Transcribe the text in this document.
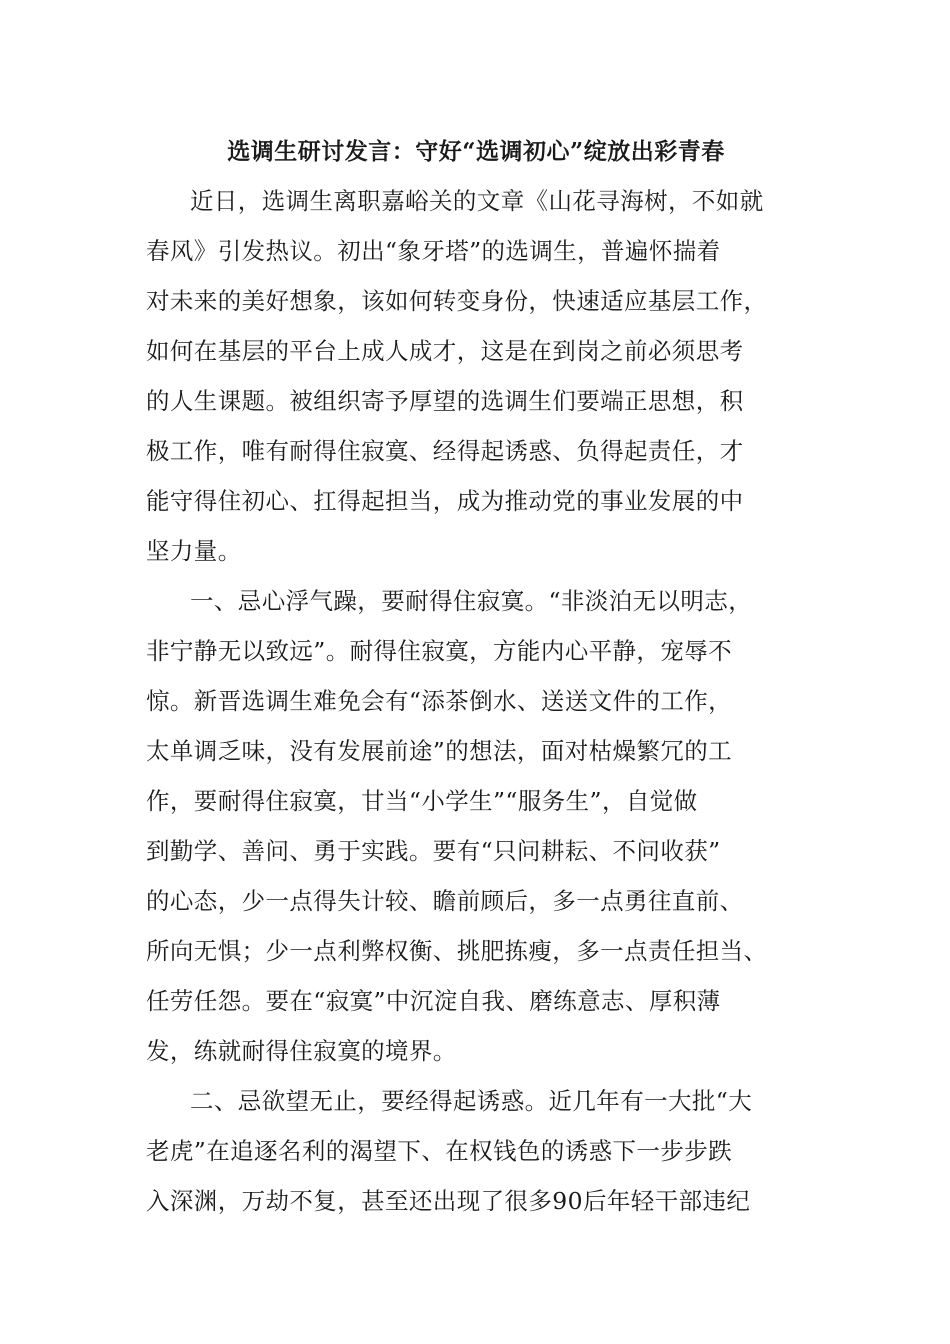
选调生研讨发言：守好“选调初心”绽放出彩青春

近日，选调生离职嘉峪关的文章《山花寻海树，不如就
春风》引发热议。初出“象牙塔”的选调生，普遍怀揣着
对未来的美好想象，该如何转变身份，快速适应基层工作，
如何在基层的平台上成人成才，这是在到岗之前必须思考
的人生课题。被组织寄予厚望的选调生们要端正思想，积
极工作，唯有耐得住寂寞、经得起诱惑、负得起责任，才
能守得住初心、扛得起担当，成为推动党的事业发展的中
坚力量。

一、忌心浮气躁，要耐得住寂寞。“非淡泊无以明志，
非宁静无以致远”。耐得住寂寞，方能内心平静，宠辱不
惊。新晋选调生难免会有“添茶倒水、送送文件的工作，
太单调乏味，没有发展前途”的想法，面对枯燥繁冗的工
作，要耐得住寂寞，甘当“小学生”“服务生”，自觉做
到勤学、善问、勇于实践。要有“只问耕耘、不问收获”
的心态，少一点得失计较、瞻前顾后，多一点勇往直前、
所向无惧；少一点利弊权衡、挑肥拣瘦，多一点责任担当、
任劳任怨。要在“寂寞”中沉淀自我、磨练意志、厚积薄
发，练就耐得住寂寞的境界。

二、忌欲望无止，要经得起诱惑。近几年有一大批“大
老虎”在追逐名利的渴望下、在权钱色的诱惑下一步步跌
入深渊，万劫不复，甚至还出现了很多90后年轻干部违纪
